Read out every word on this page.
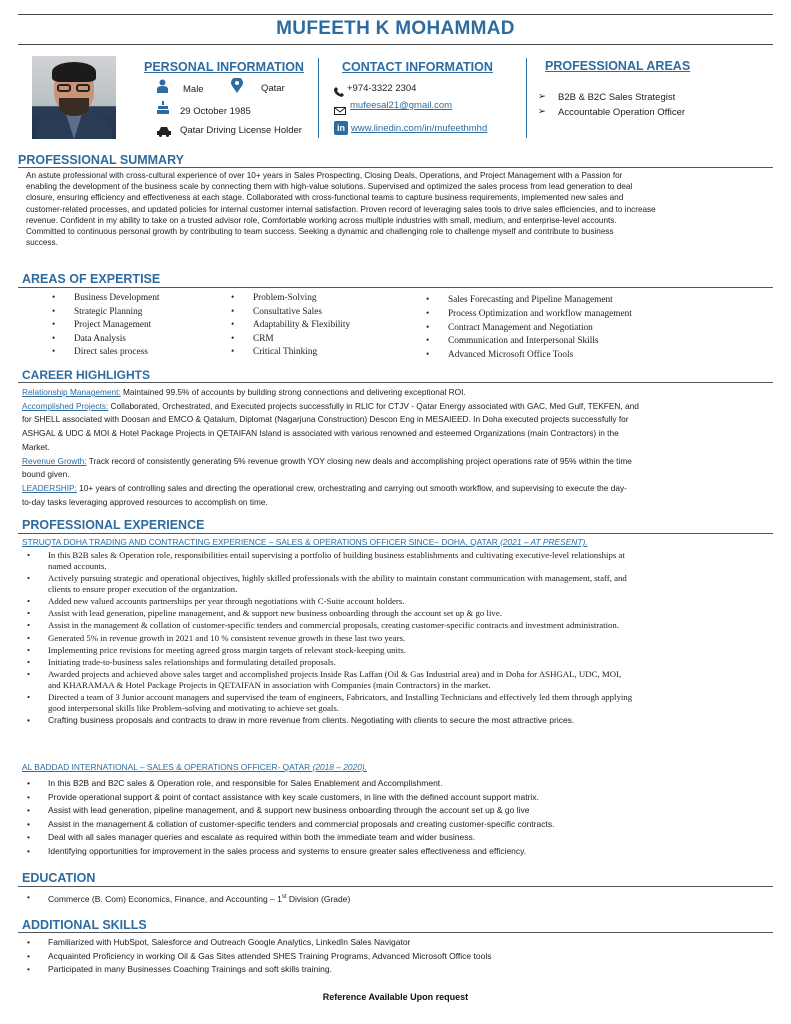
MUFEETH K MOHAMMAD
PERSONAL INFORMATION
Male	Qatar
29 October 1985
Qatar Driving License Holder
CONTACT INFORMATION
+974-3322 2304
mufeesal21@gmail.com
in www.linedin.com/in/mufeethmhd
PROFESSIONAL AREAS
➢ B2B & B2C Sales Strategist
➢ Accountable Operation Officer
PROFESSIONAL SUMMARY
An astute professional with cross-cultural experience of over 10+ years in Sales Prospecting, Closing Deals, Operations, and Project Management with a Passion for
enabling the development of the business scale by connecting them with high-value solutions. Supervised and optimized the sales process from lead generation to deal
closure, ensuring efficiency and effectiveness at each stage. Collaborated with cross-functional teams to capture business requirements, implemented new sales and
customer-related processes, and updated policies for internal customer internal satisfaction. Proven record of leveraging sales tools to drive sales efficiencies, and to increase
revenue. Confident in my ability to take on a trusted advisor role, Comfortable working across multiple industries with small, medium, and enterprise-level accounts.
Committed to continuous personal growth by contributing to team success. Seeking a dynamic and challenging role to challenge myself and contribute to business
success.
AREAS OF EXPERTISE
• Business Development
• Strategic Planning
• Project Management
• Data Analysis
• Direct sales process
• Problem-Solving
• Consultative Sales
• Adaptability & Flexibility
• CRM
• Critical Thinking
• Sales Forecasting and Pipeline Management
• Process Optimization and workflow management
• Contract Management and Negotiation
• Communication and Interpersonal Skills
• Advanced Microsoft Office Tools
CAREER HIGHLIGHTS
Relationship Management: Maintained 99.5% of accounts by building strong connections and delivering exceptional ROI.
Accomplished Projects: Collaborated, Orchestrated, and Executed projects successfully in RLIC for CTJV - Qatar Energy associated with GAC, Med Gulf, TEKFEN, and
for SHELL associated with Doosan and EMCO & Qatalum, Diplomat (Nagarjuna Construction) Descon Eng in MESAIEED. In Doha executed projects successfully for
ASHGAL & UDC & MOI & Hotel Package Projects in QETAIFAN Island is associated with various renowned and esteemed Organizations (main Contractors) in the
Market.
Revenue Growth: Track record of consistently generating 5% revenue growth YOY closing new deals and accomplishing project operations rate of 95% within the time
bound given.
LEADERSHIP: 10+ years of controlling sales and directing the operational crew, orchestrating and carrying out smooth workflow, and supervising to execute the day-
to-day tasks leveraging approved resources to accomplish on time.
PROFESSIONAL EXPERIENCE
STRUQTA DOHA TRADING AND CONTRACTING EXPERIENCE – SALES & OPERATIONS OFFICER SINCE– DOHA, QATAR (2021 – AT PRESENT).
• In this B2B sales & Operation role, responsibilities entail supervising a portfolio of building business establishments and cultivating executive-level relationships at
named accounts.
• Actively pursuing strategic and operational objectives, highly skilled professionals with the ability to maintain constant communication with management, staff, and
clients to ensure proper execution of the organization.
• Added new valued accounts partnerships per year through negotiations with C-Suite account holders.
• Assist with lead generation, pipeline management, and & support new business onboarding through the account set up & go live.
• Assist in the management & collation of customer-specific tenders and commercial proposals, creating customer-specific contracts and investment administration.
• Generated 5% in revenue growth in 2021 and 10 % consistent revenue growth in these last two years.
• Implementing price revisions for meeting agreed gross margin targets of relevant stock-keeping units.
• Initiating trade-to-business sales relationships and formulating detailed proposals.
• Awarded projects and achieved above sales target and accomplished projects Inside Ras Laffan (Oil & Gas Industrial area) and in Doha for ASHGAL, UDC, MOI,
and KHARAMAA & Hotel Package Projects in QETAIFAN in association with Companies (main Contractors) in the market.
• Directed a team of 3 Junior account managers and supervised the team of engineers, Fabricators, and Installing Technicians and effectively led them through applying
good interpersonal skills like Problem-solving and motivating to achieve set goals.
• Crafting business proposals and contracts to draw in more revenue from clients. Negotiating with clients to secure the most attractive prices.
AL BADDAD INTERNATIONAL – SALES & OPERATIONS OFFICER- QATAR (2018 – 2020).
• In this B2B and B2C sales & Operation role, and responsible for Sales Enablement and Accomplishment.
• Provide operational support & point of contact assistance with key scale customers, in line with the defined account support matrix.
• Assist with lead generation, pipeline management, and & support new business onboarding through the account set up & go live
• Assist in the management & collation of customer-specific tenders and commercial proposals and creating customer-specific contracts.
• Deal with all sales manager queries and escalate as required within both the immediate team and wider business.
• Identifying opportunities for improvement in the sales process and systems to ensure greater sales effectiveness and efficiency.
EDUCATION
• Commerce (B. Com) Economics, Finance, and Accounting – 1st Division (Grade)
ADDITIONAL SKILLS
• Familiarized with HubSpot, Salesforce and Outreach Google Analytics, LinkedIn Sales Navigator
• Acquainted Proficiency in working Oil & Gas Sites attended SHES Training Programs, Advanced Microsoft Office tools
• Participated in many Businesses Coaching Trainings and soft skills training.
Reference Available Upon request
